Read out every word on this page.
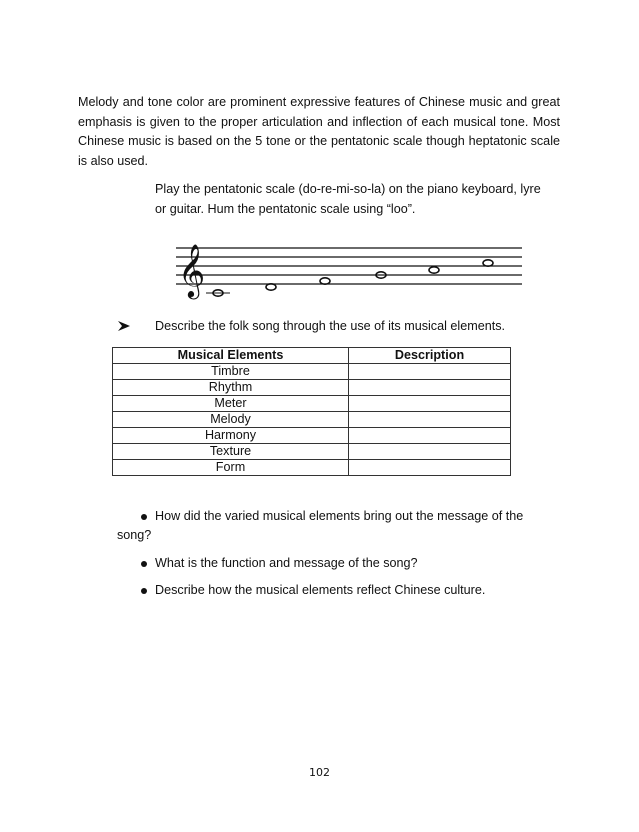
Melody and tone color are prominent expressive features of Chinese music and great emphasis is given to the proper articulation and inflection of each musical tone. Most Chinese music is based on the 5 tone or the pentatonic scale though heptatonic scale is also used.

Play the pentatonic scale (do-re-mi-so-la) on the piano keyboard, lyre or guitar. Hum the pentatonic scale using “loo”.

𝄞
Describe the folk song through the use of its musical elements.
Musical Elements	Description
Timbre	
Rhythm	
Meter	
Melody	
Harmony	
Texture	
Form	
How did the varied musical elements bring out the message of the
song?
What is the function and message of the song?
Describe how the musical elements reflect Chinese culture.
102
